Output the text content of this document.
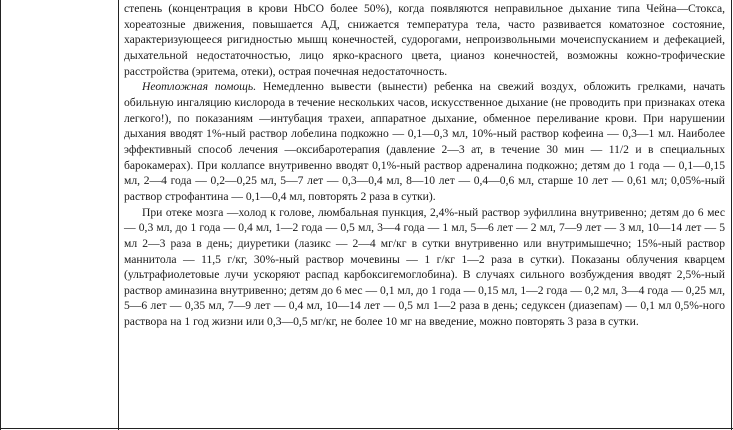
степень (концентрация в крови HbCO более 50%), когда появляются неправильное дыхание типа Чейна—Стокса, хореатозные движения, повышается АД, снижается температура тела, часто развивается коматозное состояние, характеризующееся ригидностью мышц конечностей, судорогами, непроизвольными мочеиспусканием и дефекацией, дыхательной недостаточностью, лицо ярко-красного цвета, цианоз конечностей, возможны кожно-трофические расстройства (эритема, отеки), острая почечная недостаточность.

Неотложная помощь. Немедленно вывести (вынести) ребенка на свежий воздух, обложить грелками, начать обильную ингаляцию кислорода в течение нескольких часов, искусственное дыхание (не проводить при признаках отека легкого!), по показаниям —интубация трахеи, аппаратное дыхание, обменное переливание крови. При нарушении дыхания вводят 1%-ный раствор лобелина подкожно — 0,1—0,3 мл, 10%-ный раствор кофеина — 0,3—1 мл. Наиболее эффективный способ лечения —оксибаротерапия (давление 2—3 ат, в течение 30 мин — 11/2 и в специальных барокамерах). При коллапсе внутривенно вводят 0,1%-ный раствор адреналина подкожно; детям до 1 года — 0,1—0,15 мл, 2—4 года — 0,2—0,25 мл, 5—7 лет — 0,3—0,4 мл, 8—10 лет — 0,4—0,6 мл, старше 10 лет — 0,61 мл; 0,05%-ный раствор строфантина — 0,1—0,4 мл, повторять 2 раза в сутки).

При отеке мозга —холод к голове, люмбальная пункция, 2,4%-ный раствор эуфиллина внутривенно; детям до 6 мес — 0,3 мл, до 1 года — 0,4 мл, 1—2 года — 0,5 мл, 3—4 года — 1 мл, 5—6 лет — 2 мл, 7—9 лет — 3 мл, 10—14 лет — 5 мл 2—3 раза в день; диуретики (лазикс — 2—4 мг/кг в сутки внутривенно или внутримышечно; 15%-ный раствор маннитола — 11,5 г/кг, 30%-ный раствор мочевины — 1 г/кг 1—2 раза в сутки). Показаны облучения кварцем (ультрафиолетовые лучи ускоряют распад карбоксигемоглобина). В случаях сильного возбуждения вводят 2,5%-ный раствор аминазина внутривенно; детям до 6 мес — 0,1 мл, до 1 года — 0,15 мл, 1—2 года — 0,2 мл, 3—4 года — 0,25 мл, 5—6 лет — 0,35 мл, 7—9 лет — 0,4 мл, 10—14 лет — 0,5 мл 1—2 раза в день; седуксен (диазепам) — 0,1 мл 0,5%-ного раствора на 1 год жизни или 0,3—0,5 мг/кг, не более 10 мг на введение, можно повторять 3 раза в сутки.
